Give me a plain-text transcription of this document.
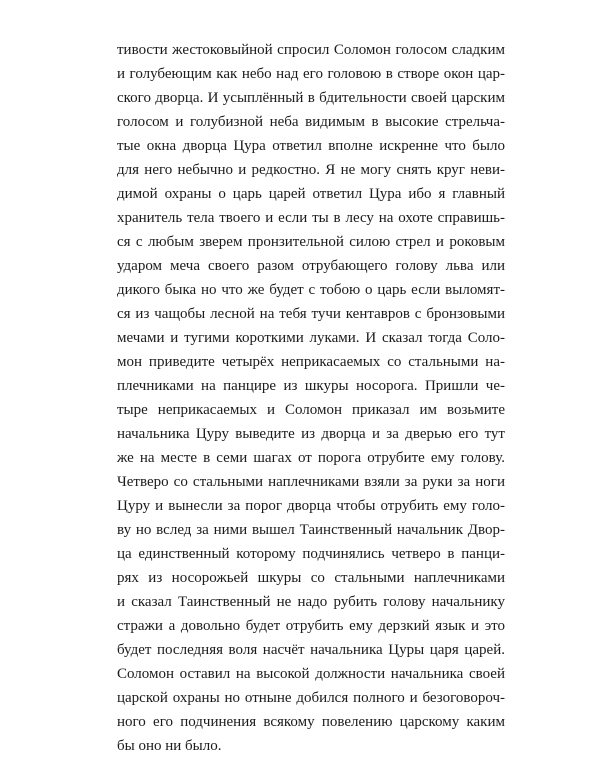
тивости жестоковыйной спросил Соломон голосом сладким
и голубеющим как небо над его головою в створе окон цар-
ского дворца. И усыплённый в бдительности своей царским
голосом и голубизной неба видимым в высокие стрельча-
тые окна дворца Цура ответил вполне искренне что было
для него небычно и редкостно. Я не могу снять круг неви-
димой охраны о царь царей ответил Цура ибо я главный
хранитель тела твоего и если ты в лесу на охоте справишь-
ся с любым зверем пронзительной силою стрел и роковым
ударом меча своего разом отрубающего голову льва или
дикого быка но что же будет с тобою о царь если выломят-
ся из чащобы лесной на тебя тучи кентавров с бронзовыми
мечами и тугими короткими луками. И сказал тогда Соло-
мон приведите четырёх неприкасаемых со стальными на-
плечниками на панцире из шкуры носорога. Пришли че-
тыре неприкасаемых и Соломон приказал им возьмите
начальника Цуру выведите из дворца и за дверью его тут
же на месте в семи шагах от порога отрубите ему голову.
Четверо со стальными наплечниками взяли за руки за ноги
Цуру и вынесли за порог дворца чтобы отрубить ему голо-
ву но вслед за ними вышел Таинственный начальник Двор-
ца единственный которому подчинялись четверо в панци-
рях из носорожьей шкуры со стальными наплечниками
и сказал Таинственный не надо рубить голову начальнику
стражи а довольно будет отрубить ему дерзкий язык и это
будет последняя воля насчёт начальника Цуры царя царей.
Соломон оставил на высокой должности начальника своей
царской охраны но отныне добился полного и безоговороч-
ного его подчинения всякому повелению царскому каким
бы оно ни было.
